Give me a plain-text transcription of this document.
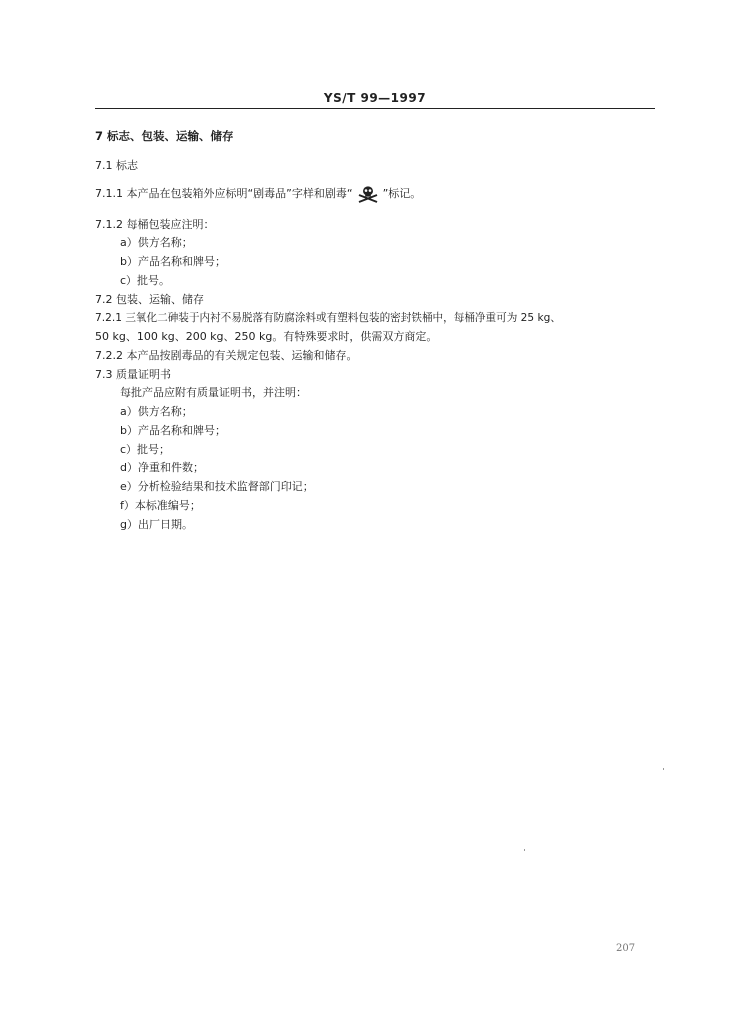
YS/T 99—1997
7 标志、包装、运输、储存
7.1 标志
7.1.1 本产品在包装箱外应标明“剧毒品”字样和剧毒“	”标记。
7.1.2 每桶包装应注明：
a）供方名称；
b）产品名称和牌号；
c）批号。
7.2 包装、运输、储存
7.2.1 三氧化二砷装于内衬不易脱落有防腐涂料或有塑料包装的密封铁桶中，每桶净重可为 25 kg、
50 kg、100 kg、200 kg、250 kg。有特殊要求时，供需双方商定。
7.2.2 本产品按剧毒品的有关规定包装、运输和储存。
7.3 质量证明书
每批产品应附有质量证明书，并注明：
a）供方名称；
b）产品名称和牌号；
c）批号；
d）净重和件数；
e）分析检验结果和技术监督部门印记；
f）本标准编号；
g）出厂日期。
207
